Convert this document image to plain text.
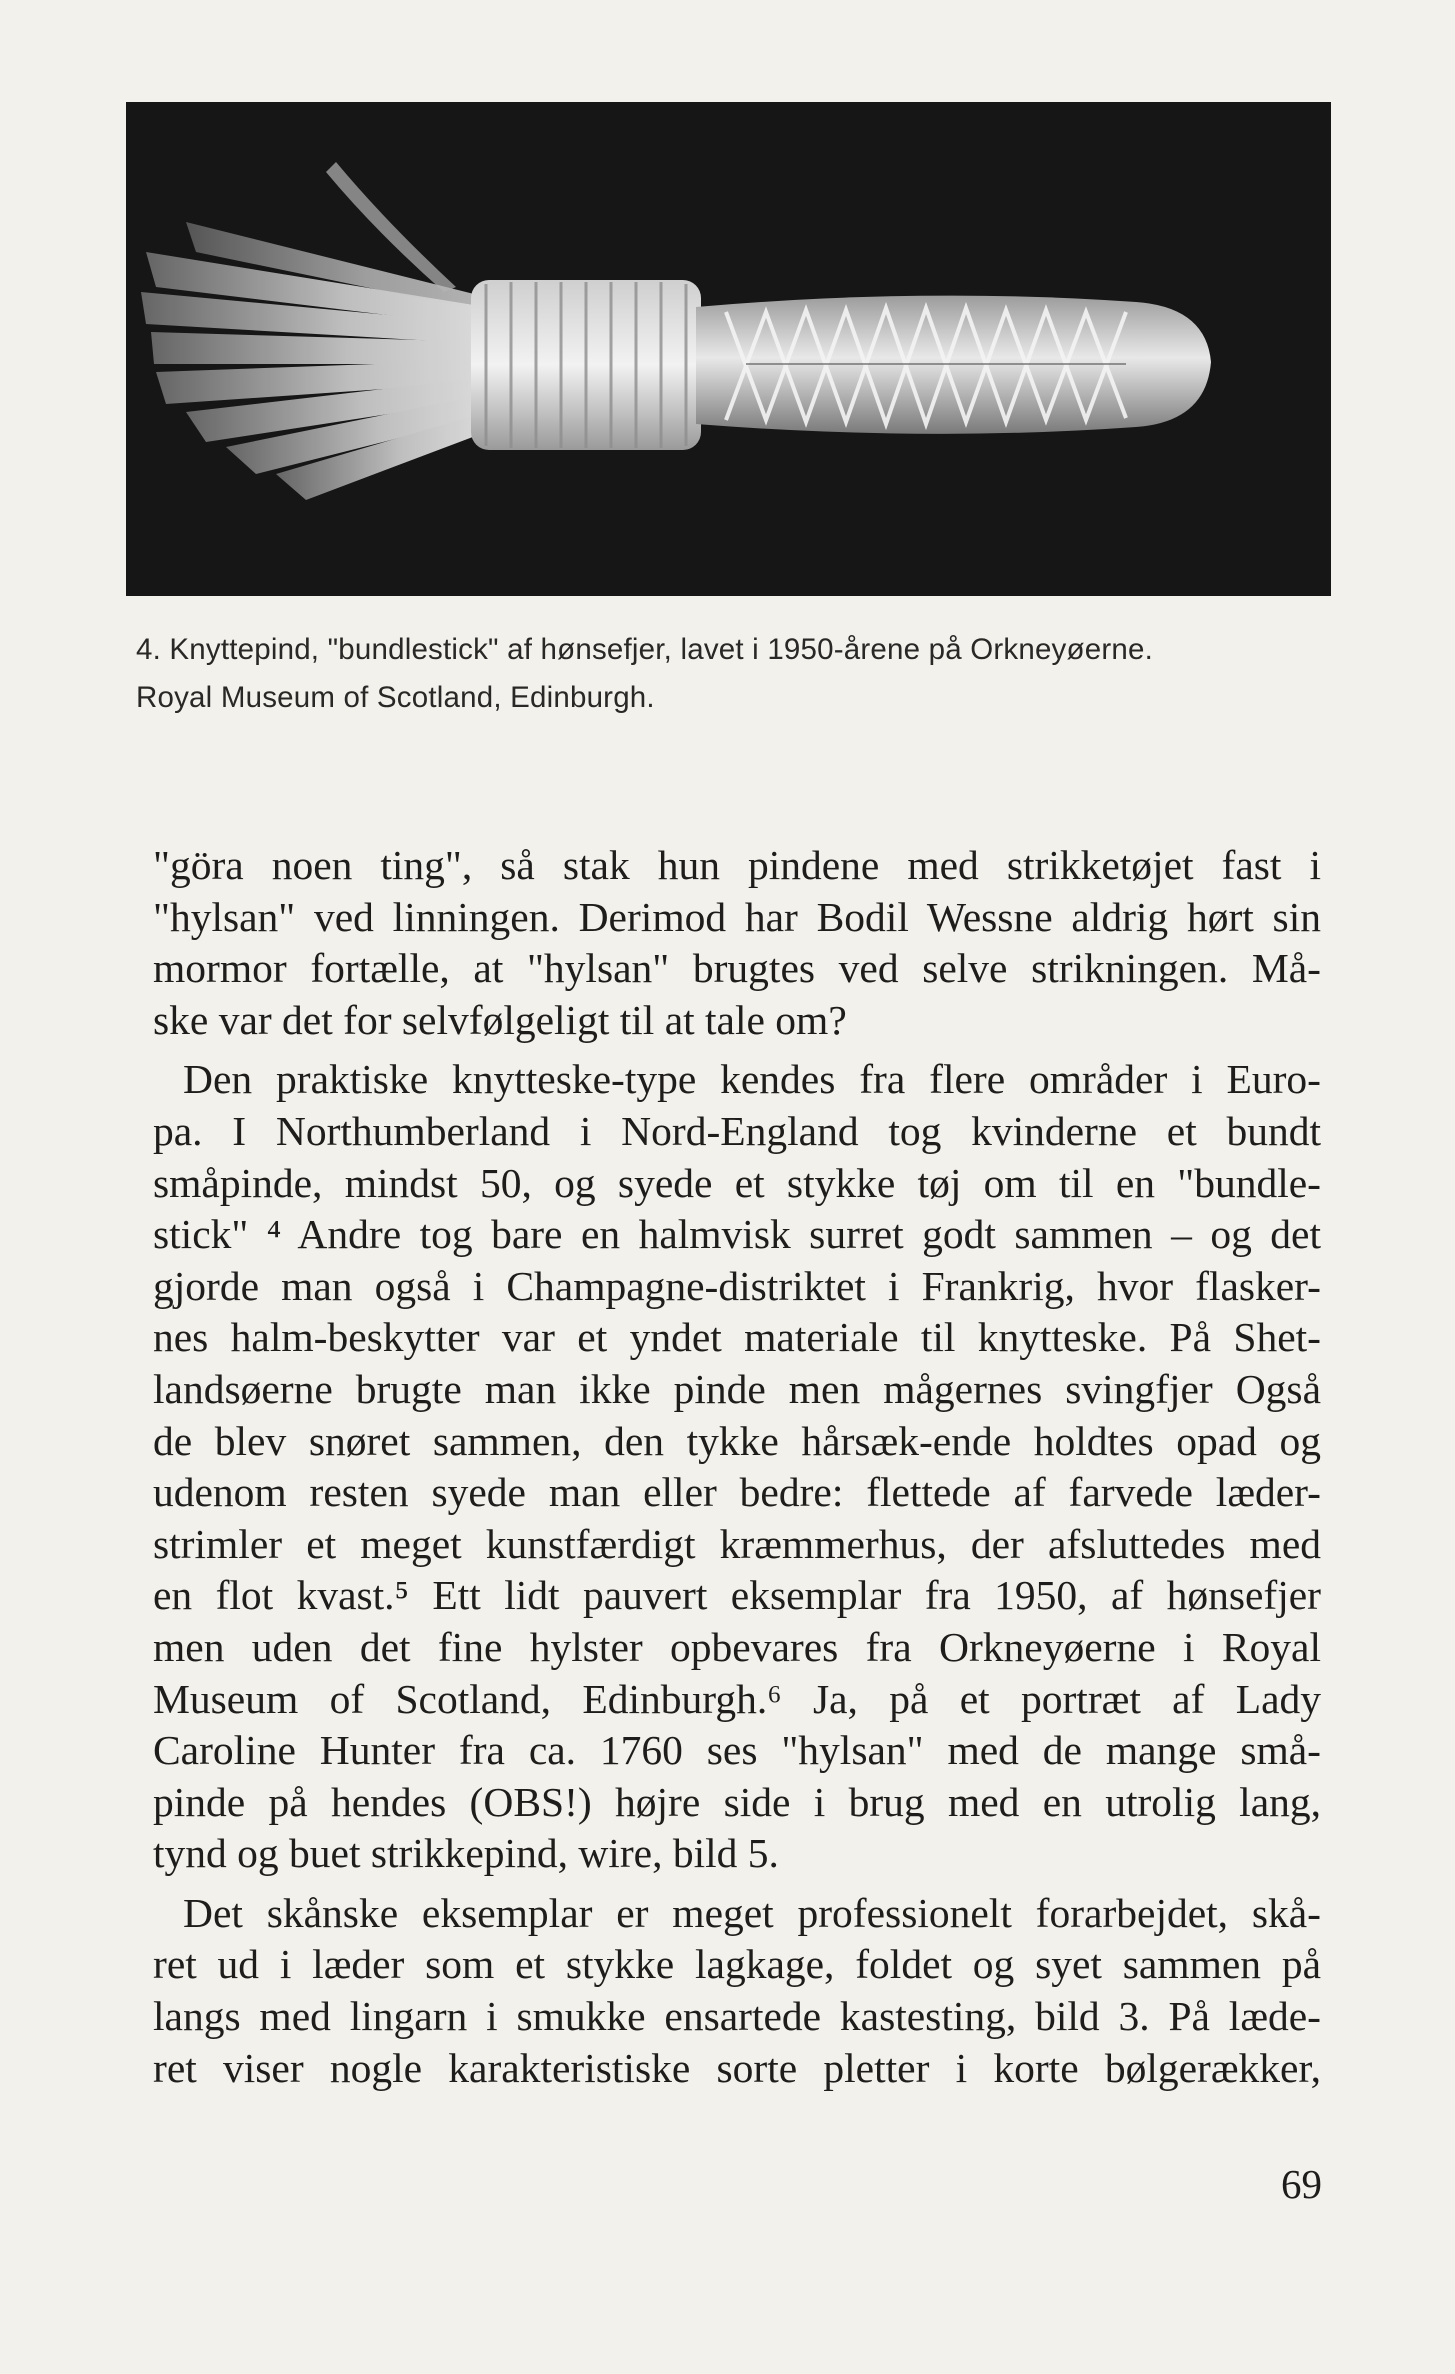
4. Knyttepind, "bundlestick" af hønsefjer, lavet i 1950-årene på Orkneyøerne.
Royal Museum of Scotland, Edinburgh.
"göra noen ting", så stak hun pindene med strikketøjet fast i
"hylsan" ved linningen. Derimod har Bodil Wessne aldrig hørt sin
mormor fortælle, at "hylsan" brugtes ved selve strikningen. Må-
ske var det for selvfølgeligt til at tale om?
Den praktiske knytteske-type kendes fra flere områder i Euro-
pa. I Northumberland i Nord-England tog kvinderne et bundt
småpinde, mindst 50, og syede et stykke tøj om til en "bundle-
stick" ⁴ Andre tog bare en halmvisk surret godt sammen – og det
gjorde man også i Champagne-distriktet i Frankrig, hvor flasker-
nes halm-beskytter var et yndet materiale til knytteske. På Shet-
landsøerne brugte man ikke pinde men mågernes svingfjer Også
de blev snøret sammen, den tykke hårsæk-ende holdtes opad og
udenom resten syede man eller bedre: flettede af farvede læder-
strimler et meget kunstfærdigt kræmmerhus, der afsluttedes med
en flot kvast.⁵ Ett lidt pauvert eksemplar fra 1950, af hønsefjer
men uden det fine hylster opbevares fra Orkneyøerne i Royal
Museum of Scotland, Edinburgh.⁶ Ja, på et portræt af Lady
Caroline Hunter fra ca. 1760 ses "hylsan" med de mange små-
pinde på hendes (OBS!) højre side i brug med en utrolig lang,
tynd og buet strikkepind, wire, bild 5.
Det skånske eksemplar er meget professionelt forarbejdet, skå-
ret ud i læder som et stykke lagkage, foldet og syet sammen på
langs med lingarn i smukke ensartede kastesting, bild 3. På læde-
ret viser nogle karakteristiske sorte pletter i korte bølgerækker,
69
